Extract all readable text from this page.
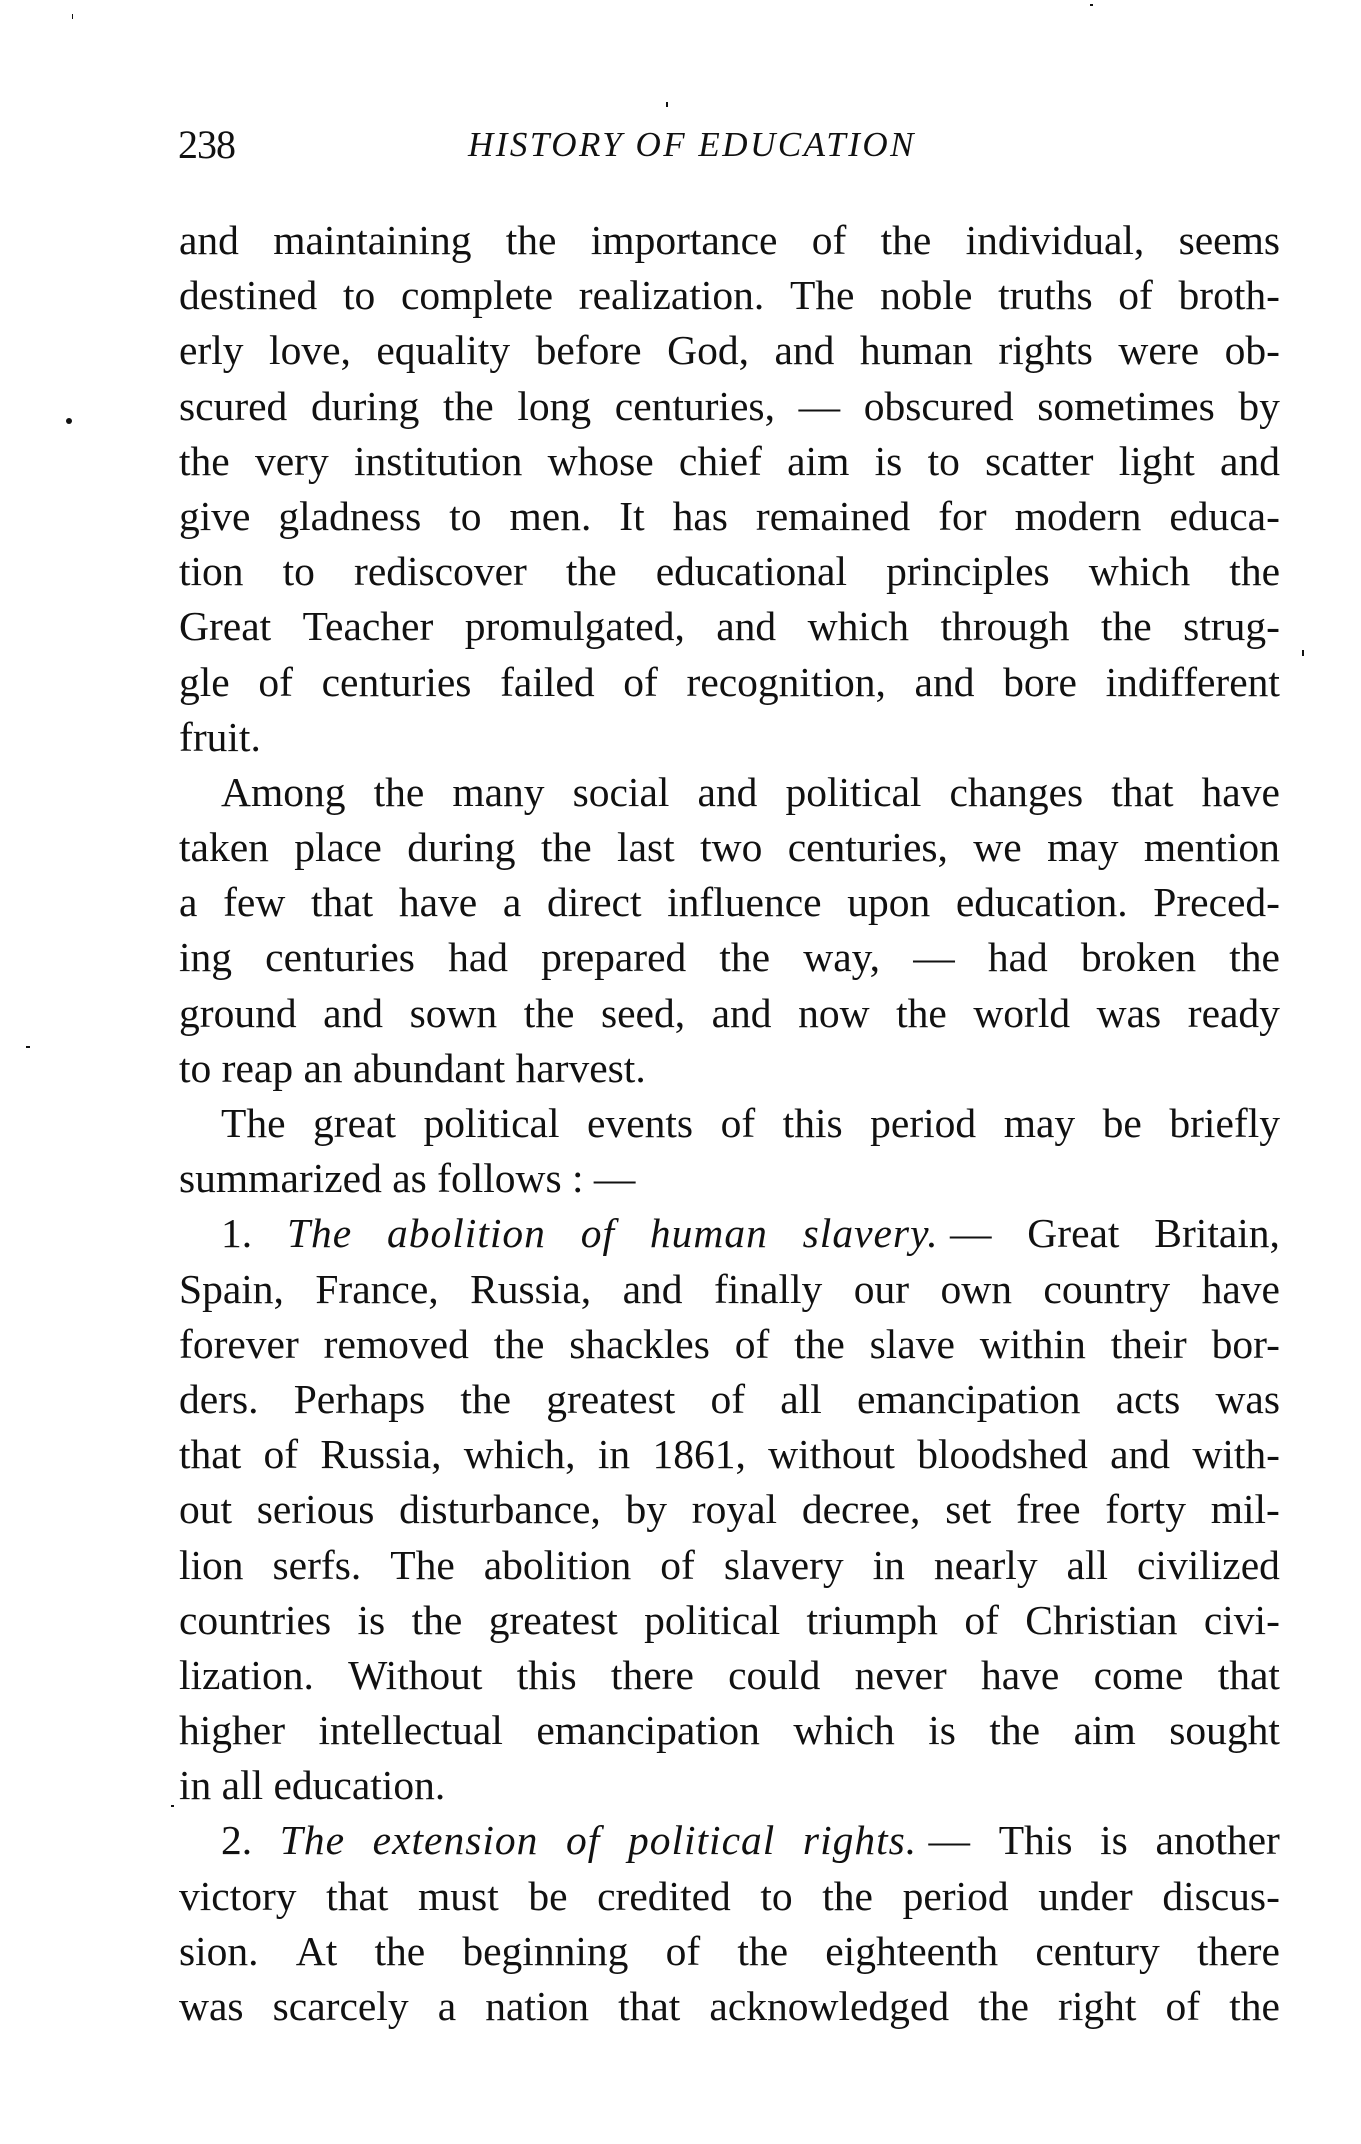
238	HISTORY OF EDUCATION
and maintaining the importance of the individual, seems
destined to complete realization. The noble truths of broth-
erly love, equality before God, and human rights were ob-
scured during the long centuries, — obscured sometimes by
the very institution whose chief aim is to scatter light and
give gladness to men. It has remained for modern educa-
tion to rediscover the educational principles which the
Great Teacher promulgated, and which through the strug-
gle of centuries failed of recognition, and bore indifferent
fruit.
Among the many social and political changes that have
taken place during the last two centuries, we may mention
a few that have a direct influence upon education. Preced-
ing centuries had prepared the way, — had broken the
ground and sown the seed, and now the world was ready
to reap an abundant harvest.
The great political events of this period may be briefly
summarized as follows : —
1. The abolition of human slavery. — Great Britain,
Spain, France, Russia, and finally our own country have
forever removed the shackles of the slave within their bor-
ders. Perhaps the greatest of all emancipation acts was
that of Russia, which, in 1861, without bloodshed and with-
out serious disturbance, by royal decree, set free forty mil-
lion serfs. The abolition of slavery in nearly all civilized
countries is the greatest political triumph of Christian civi-
lization. Without this there could never have come that
higher intellectual emancipation which is the aim sought
in all education.
2. The extension of political rights. — This is another
victory that must be credited to the period under discus-
sion. At the beginning of the eighteenth century there
was scarcely a nation that acknowledged the right of the
